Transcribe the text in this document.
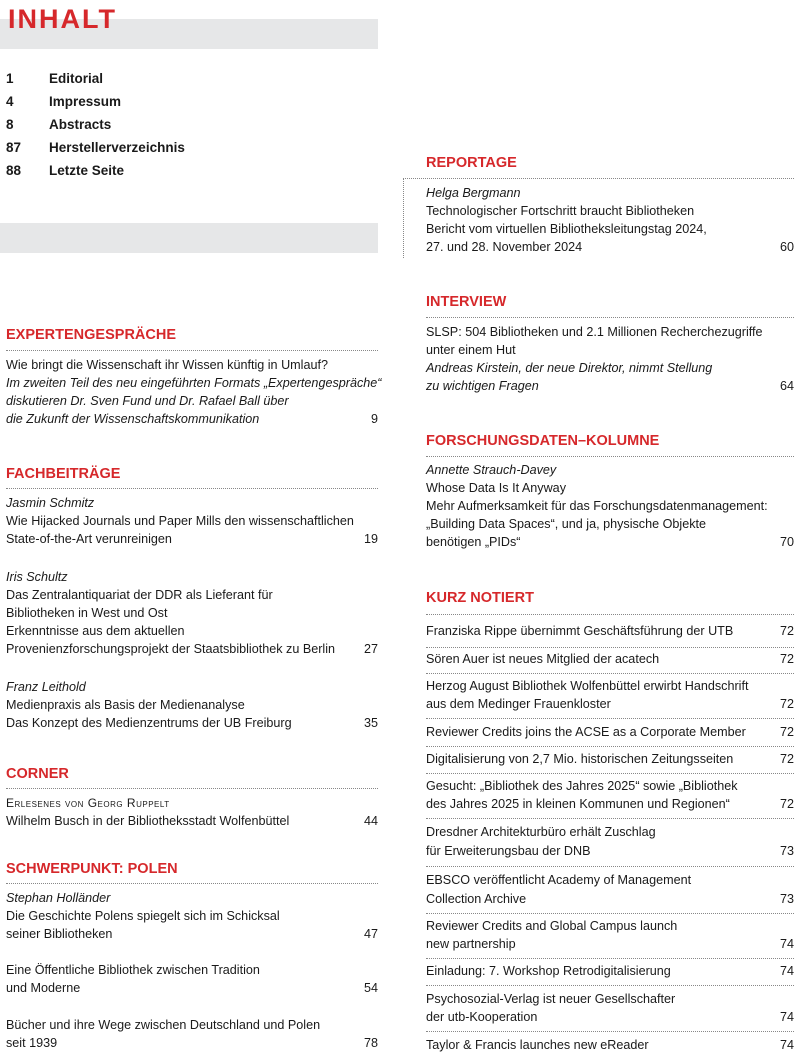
INHALT
1	Editorial
4	Impressum
8	Abstracts
87 Herstellerverzeichnis
88 Letzte Seite
EXPERTENGESPRÄCHE
Wie bringt die Wissenschaft ihr Wissen künftig in Umlauf?
Im zweiten Teil des neu eingeführten Formats „Expertengespräche“
diskutieren Dr. Sven Fund und Dr. Rafael Ball über
die Zukunft der Wissenschaftskommunikation	9
FACHBEITRÄGE
Jasmin Schmitz
Wie Hijacked Journals und Paper Mills den wissenschaftlichen
State-of-the-Art verunreinigen	19
Iris Schultz
Das Zentralantiquariat der DDR als Lieferant für
Bibliotheken in West und Ost
Erkenntnisse aus dem aktuellen
Provenienzforschungsprojekt der Staatsbibliothek zu Berlin	27
Franz Leithold
Medienpraxis als Basis der Medienanalyse
Das Konzept des Medienzentrums der UB Freiburg	35
CORNER
Erlesenes von Georg Ruppelt
Wilhelm Busch in der Bibliotheksstadt Wolfenbüttel	44
SCHWERPUNKT: POLEN
Stephan Holländer
Die Geschichte Polens spiegelt sich im Schicksal
seiner Bibliotheken	47
Eine Öffentliche Bibliothek zwischen Tradition
und Moderne	54
Bücher und ihre Wege zwischen Deutschland und Polen
seit 1939	78
REPORTAGE
Helga Bergmann
Technologischer Fortschritt braucht Bibliotheken
Bericht vom virtuellen Bibliotheksleitungstag 2024,
27. und 28. November 2024	60
INTERVIEW
SLSP: 504 Bibliotheken und 2.1 Millionen Recherchezugriffe
unter einem Hut
Andreas Kirstein, der neue Direktor, nimmt Stellung
zu wichtigen Fragen	64
FORSCHUNGSDATEN–KOLUMNE
Annette Strauch-Davey
Whose Data Is It Anyway
Mehr Aufmerksamkeit für das Forschungsdatenmanagement:
„Building Data Spaces“, und ja, physische Objekte
benötigen „PIDs“	70
KURZ NOTIERT
Franziska Rippe übernimmt Geschäftsführung der UTB	72
Sören Auer ist neues Mitglied der acatech	72
Herzog August Bibliothek Wolfenbüttel erwirbt Handschrift
aus dem Medinger Frauenkloster	72
Reviewer Credits joins the ACSE as a Corporate Member	72
Digitalisierung von 2,7 Mio. historischen Zeitungsseiten	72
Gesucht: „Bibliothek des Jahres 2025“ sowie „Bibliothek
des Jahres 2025 in kleinen Kommunen und Regionen“	72
Dresdner Architekturbüro erhält Zuschlag
für Erweiterungsbau der DNB	73
EBSCO veröffentlicht Academy of Management
Collection Archive	73
Reviewer Credits and Global Campus launch
new partnership	74
Einladung: 7. Workshop Retrodigitalisierung	74
Psychosozial-Verlag ist neuer Gesellschafter
der utb-Kooperation	74
Taylor & Francis launches new eReader	74
